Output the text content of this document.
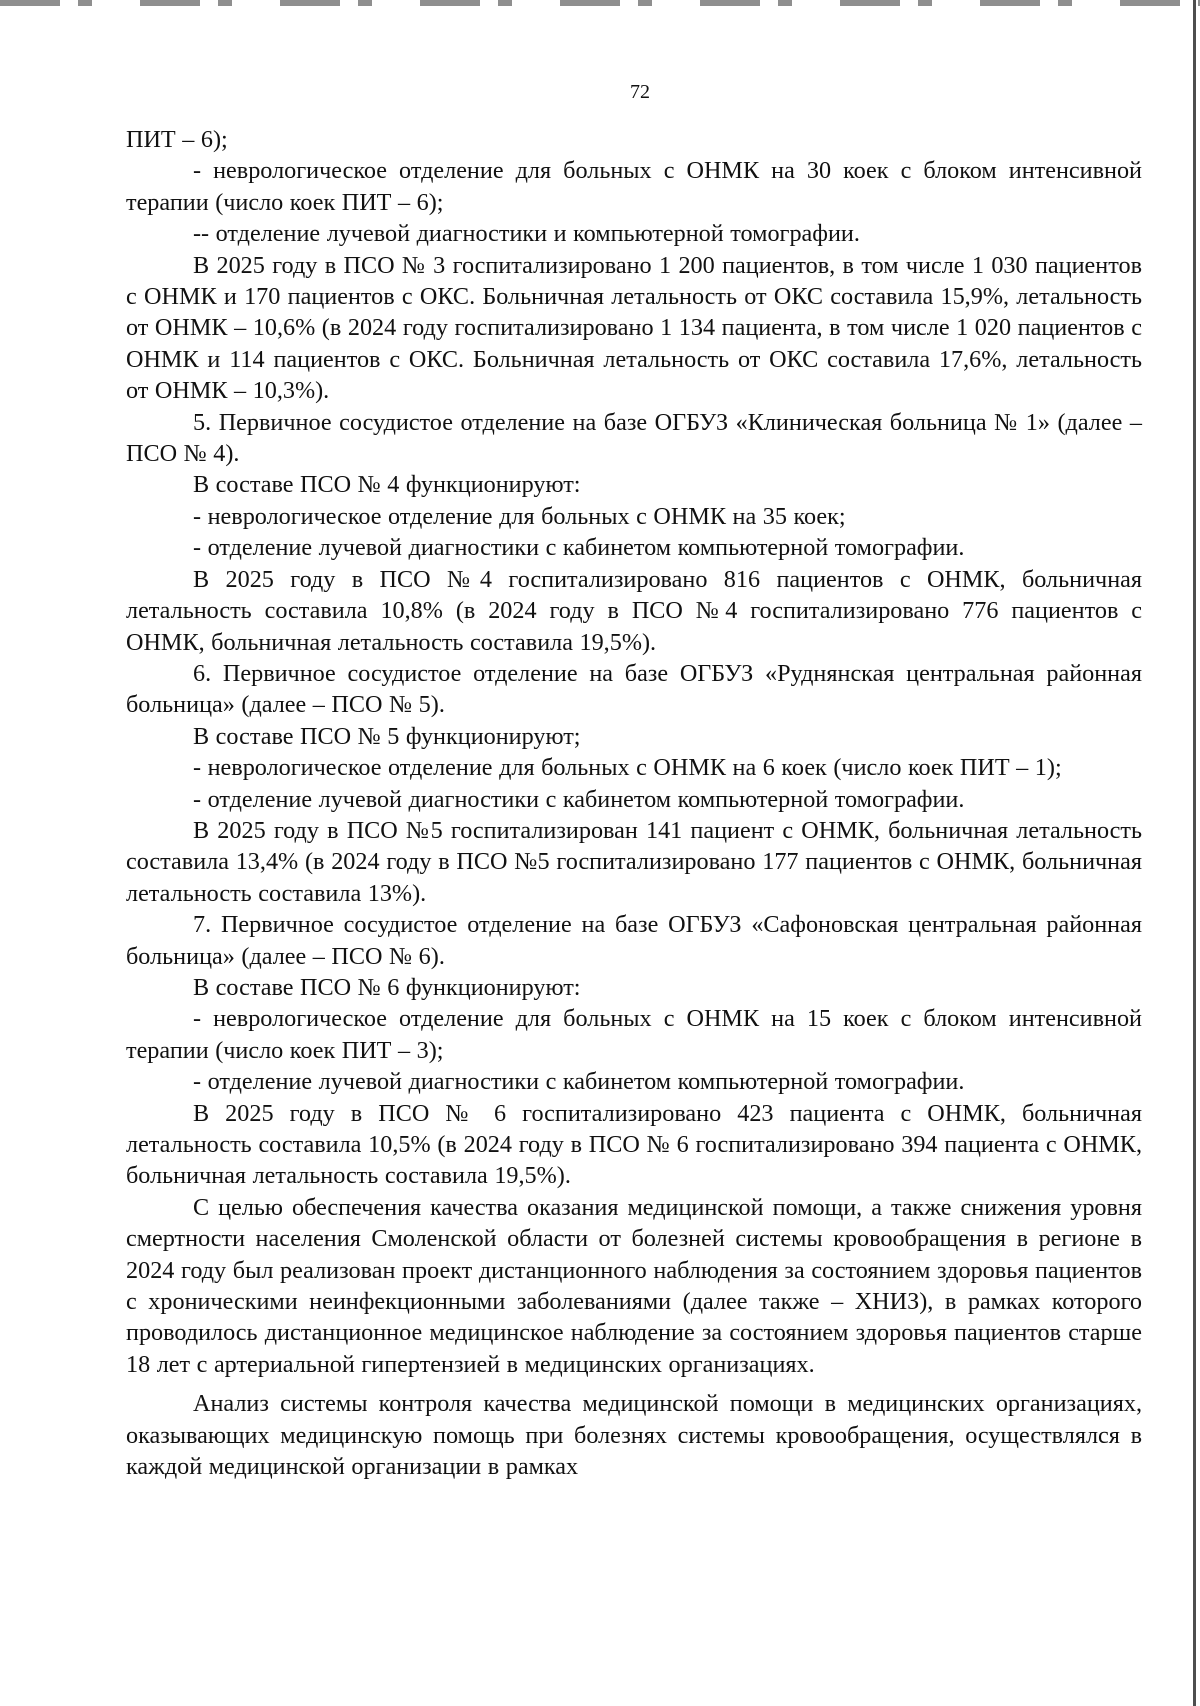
72

ПИТ – 6);

- неврологическое отделение для больных с ОНМК на 30 коек с блоком интенсивной терапии (число коек ПИТ – 6);

-- отделение лучевой диагностики и компьютерной томографии.

В 2025 году в ПСО № 3 госпитализировано 1 200 пациентов, в том числе 1 030 пациентов с ОНМК и 170 пациентов с ОКС. Больничная летальность от ОКС составила 15,9%, летальность от ОНМК – 10,6% (в 2024 году госпитализировано 1 134 пациента, в том числе 1 020 пациентов с ОНМК и 114 пациентов с ОКС. Больничная летальность от ОКС составила 17,6%, летальность от ОНМК – 10,3%).

5. Первичное сосудистое отделение на базе ОГБУЗ «Клиническая больница № 1» (далее – ПСО № 4).

В составе ПСО № 4 функционируют:

- неврологическое отделение для больных с ОНМК на 35 коек;

- отделение лучевой диагностики с кабинетом компьютерной томографии.

В 2025 году в ПСО №4 госпитализировано 816 пациентов с ОНМК, больничная летальность составила 10,8% (в 2024 году в ПСО №4 госпитализировано 776 пациентов с ОНМК, больничная летальность составила 19,5%).

6. Первичное сосудистое отделение на базе ОГБУЗ «Руднянская центральная районная больница» (далее – ПСО № 5).

В составе ПСО № 5 функционируют;

- неврологическое отделение для больных с ОНМК на 6 коек (число коек ПИТ – 1);

- отделение лучевой диагностики с кабинетом компьютерной томографии.

В 2025 году в ПСО №5 госпитализирован 141 пациент с ОНМК, больничная летальность составила 13,4% (в 2024 году в ПСО №5 госпитализировано 177 пациентов с ОНМК, больничная летальность составила 13%).

7. Первичное сосудистое отделение на базе ОГБУЗ «Сафоновская центральная районная больница» (далее – ПСО № 6).

В составе ПСО № 6 функционируют:

- неврологическое отделение для больных с ОНМК на 15 коек с блоком интенсивной терапии (число коек ПИТ – 3);

- отделение лучевой диагностики с кабинетом компьютерной томографии.

В 2025 году в ПСО № 6 госпитализировано 423 пациента с ОНМК, больничная летальность составила 10,5% (в 2024 году в ПСО № 6 госпитализировано 394 пациента с ОНМК, больничная летальность составила 19,5%).

С целью обеспечения качества оказания медицинской помощи, а также снижения уровня смертности населения Смоленской области от болезней системы кровообращения в регионе в 2024 году был реализован проект дистанционного наблюдения за состоянием здоровья пациентов с хроническими неинфекционными заболеваниями (далее также – ХНИЗ), в рамках которого проводилось дистанционное медицинское наблюдение за состоянием здоровья пациентов старше 18 лет с артериальной гипертензией в медицинских организациях.

Анализ системы контроля качества медицинской помощи в медицинских организациях, оказывающих медицинскую помощь при болезнях системы кровообращения, осуществлялся в каждой медицинской организации в рамках
